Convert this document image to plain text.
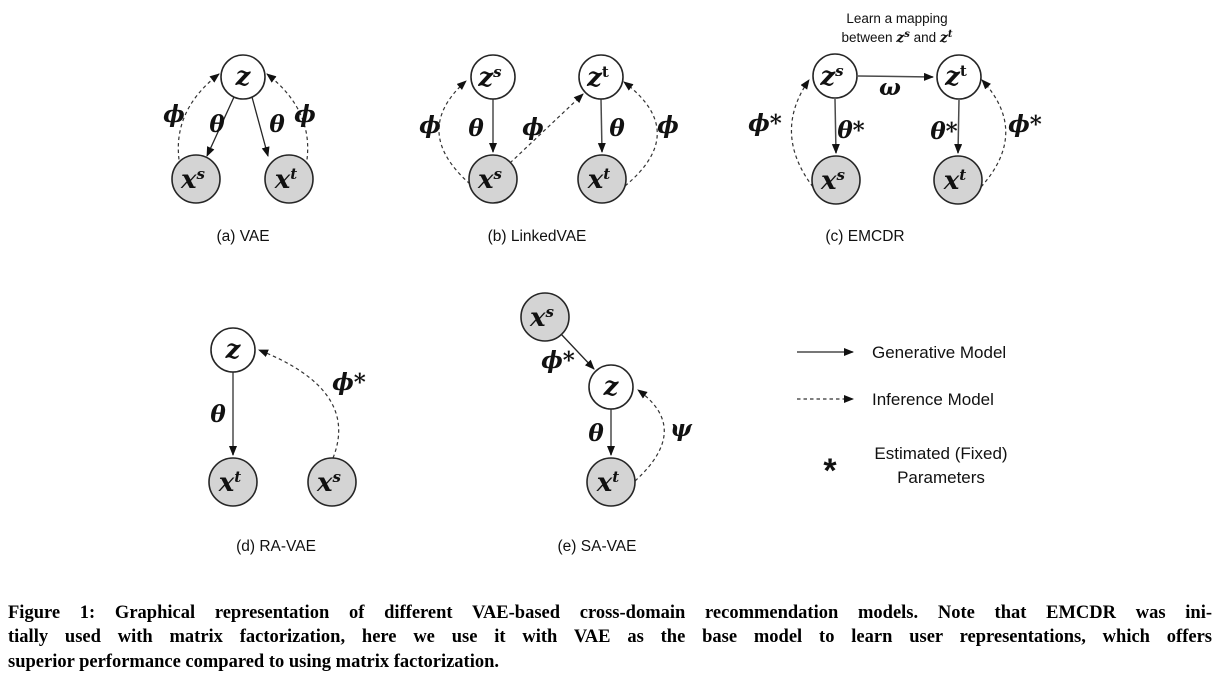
z
$x^s$	$x^t$
ϕ θ θ ϕ
(a) VAE
$z^s$	$z^t$
$x^s$	$x^t$
ϕ θ ϕ	θ ϕ
(b) LinkedVAE
Learn a mapping
between z$^s$ and z$^t$
$z^s$	$z^t$
$x^s$	$x^t$
ϕ* θ*
ω
θ* ϕ*
(c) EMCDR
z
$x^t$	$x^s$
θ
ϕ*
(d) RA-VAE
$x^s$
z
$x^t$
ϕ*
θ	ψ
(e) SA-VAE
Generative Model
Inference Model
* Estimated (Fixed)
Parameters
Figure 1: Graphical representation of different VAE-based cross-domain recommendation models. Note that EMCDR was ini-
tially used with matrix factorization, here we use it with VAE as the base model to learn user representations, which offers
superior performance compared to using matrix factorization.
